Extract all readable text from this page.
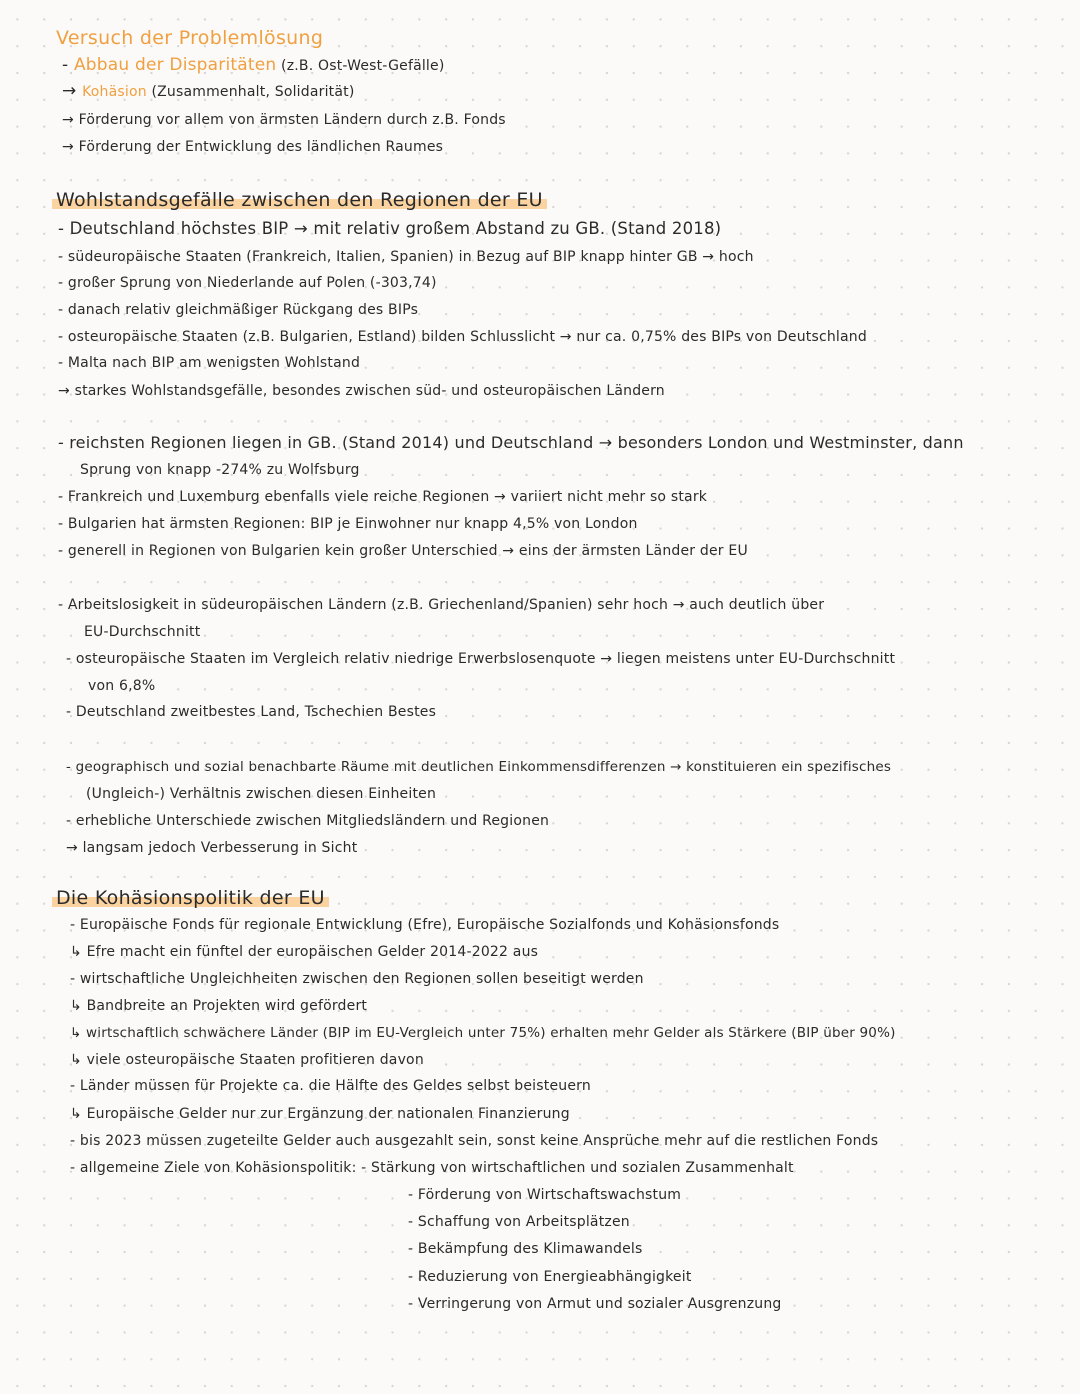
Versuch der Problemlösung
- Abbau der Disparitäten (z.B. Ost-West-Gefälle)
→ Kohäsion (Zusammenhalt, Solidarität)
→ Förderung vor allem von ärmsten Ländern durch z.B. Fonds
→ Förderung der Entwicklung des ländlichen Raumes
Wohlstandsgefälle zwischen den Regionen der EU
- Deutschland höchstes BIP → mit relativ großem Abstand zu GB. (Stand 2018)
- südeuropäische Staaten (Frankreich, Italien, Spanien) in Bezug auf BIP knapp hinter GB → hoch
- großer Sprung von Niederlande auf Polen (-303,74)
- danach relativ gleichmäßiger Rückgang des BIPs
- osteuropäische Staaten (z.B. Bulgarien, Estland) bilden Schlusslicht → nur ca. 0,75% des BIPs von Deutschland
- Malta nach BIP am wenigsten Wohlstand
→ starkes Wohlstandsgefälle, besondes zwischen süd- und osteuropäischen Ländern
- reichsten Regionen liegen in GB. (Stand 2014) und Deutschland → besonders London und Westminster, dann
Sprung von knapp -274% zu Wolfsburg
- Frankreich und Luxemburg ebenfalls viele reiche Regionen → variiert nicht mehr so stark
- Bulgarien hat ärmsten Regionen: BIP je Einwohner nur knapp 4,5% von London
- generell in Regionen von Bulgarien kein großer Unterschied → eins der ärmsten Länder der EU
- Arbeitslosigkeit in südeuropäischen Ländern (z.B. Griechenland/Spanien) sehr hoch → auch deutlich über
EU-Durchschnitt
- osteuropäische Staaten im Vergleich relativ niedrige Erwerbslosenquote → liegen meistens unter EU-Durchschnitt
von 6,8%
- Deutschland zweitbestes Land, Tschechien Bestes
- geographisch und sozial benachbarte Räume mit deutlichen Einkommensdifferenzen → konstituieren ein spezifisches
(Ungleich-) Verhältnis zwischen diesen Einheiten
- erhebliche Unterschiede zwischen Mitgliedsländern und Regionen
→ langsam jedoch Verbesserung in Sicht
Die Kohäsionspolitik der EU
- Europäische Fonds für regionale Entwicklung (Efre), Europäische Sozialfonds und Kohäsionsfonds
↳ Efre macht ein fünftel der europäischen Gelder 2014-2022 aus
- wirtschaftliche Ungleichheiten zwischen den Regionen sollen beseitigt werden
↳ Bandbreite an Projekten wird gefördert
↳ wirtschaftlich schwächere Länder (BIP im EU-Vergleich unter 75%) erhalten mehr Gelder als Stärkere (BIP über 90%)
↳ viele osteuropäische Staaten profitieren davon
- Länder müssen für Projekte ca. die Hälfte des Geldes selbst beisteuern
↳ Europäische Gelder nur zur Ergänzung der nationalen Finanzierung
- bis 2023 müssen zugeteilte Gelder auch ausgezahlt sein, sonst keine Ansprüche mehr auf die restlichen Fonds
- allgemeine Ziele von Kohäsionspolitik: - Stärkung von wirtschaftlichen und sozialen Zusammenhalt
- Förderung von Wirtschaftswachstum
- Schaffung von Arbeitsplätzen
- Bekämpfung des Klimawandels
- Reduzierung von Energieabhängigkeit
- Verringerung von Armut und sozialer Ausgrenzung
